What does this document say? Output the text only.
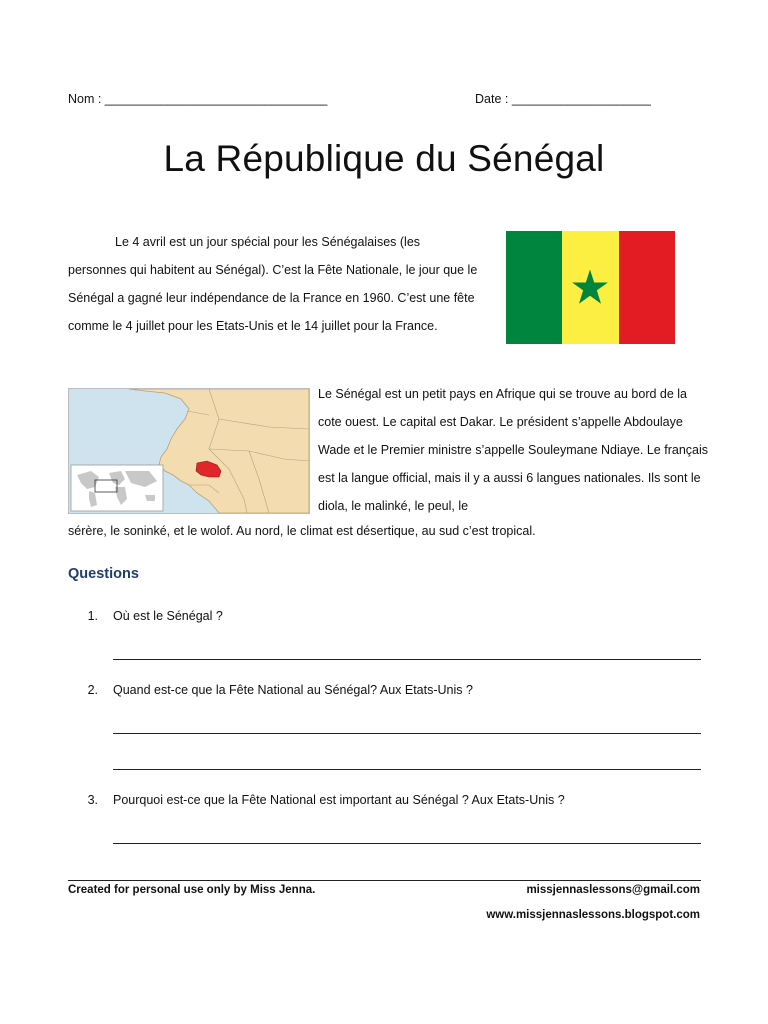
Nom : ________________________________	Date : ____________________
La République du Sénégal
Le 4 avril est un jour spécial pour les Sénégalaises (les personnes qui habitent au Sénégal). C’est la Fête Nationale, le jour que le Sénégal a gagné leur indépendance de la France en 1960. C’est une fête comme le 4 juillet pour les Etats-Unis et le 14 juillet pour la France.
Le Sénégal est un petit pays en Afrique qui se trouve au bord de la cote ouest. Le capital est Dakar. Le président s’appelle Abdoulaye Wade et le Premier ministre s’appelle Souleymane Ndiaye. Le français est la langue official, mais il y a aussi 6 langues nationales. Ils sont le diola, le malinké, le peul, le
sérère, le soninké, et le wolof. Au nord, le climat est désertique, au sud c’est tropical.
Questions
1. Où est le Sénégal ?
2. Quand est-ce que la Fête National au Sénégal? Aux Etats-Unis ?
3. Pourquoi est-ce que la Fête National est important au Sénégal ? Aux Etats-Unis ?
Created for personal use only by Miss Jenna.	missjennaslessons@gmail.com
www.missjennaslessons.blogspot.com
